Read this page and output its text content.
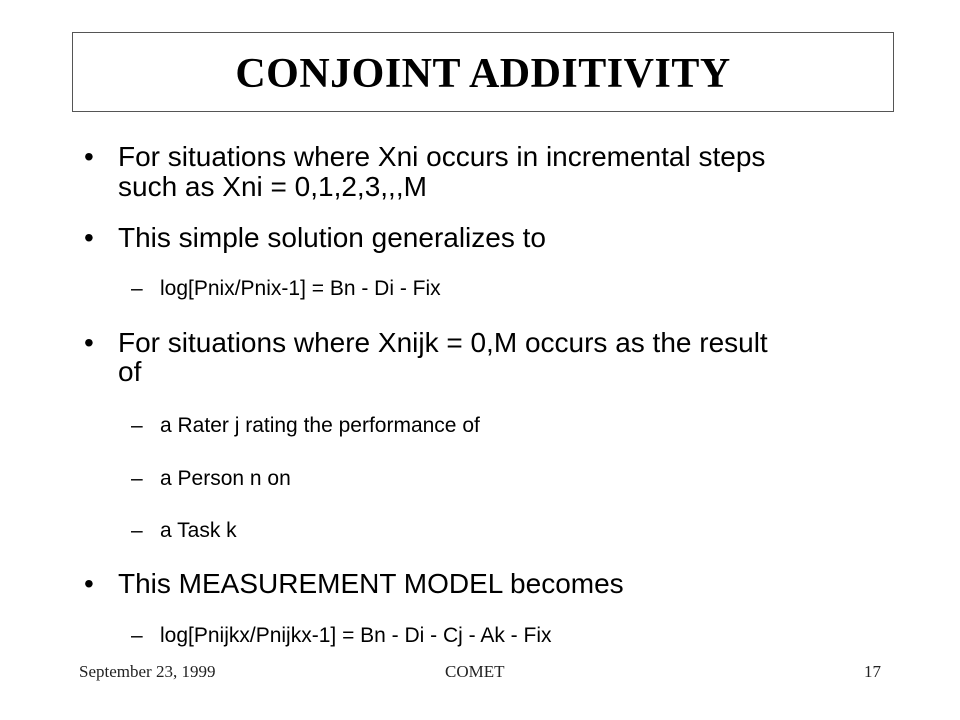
CONJOINT ADDITIVITY
• For situations where Xni occurs in incremental steps
such as Xni = 0,1,2,3,,,M
• This simple solution generalizes to
– log[Pnix/Pnix-1] = Bn - Di - Fix
• For situations where Xnijk = 0,M occurs as the result
of
– a Rater j rating the performance of
– a Person n on
– a Task k
• This MEASUREMENT MODEL becomes
– log[Pnijkx/Pnijkx-1] = Bn - Di - Cj - Ak - Fix
September 23, 1999	COMET	17
